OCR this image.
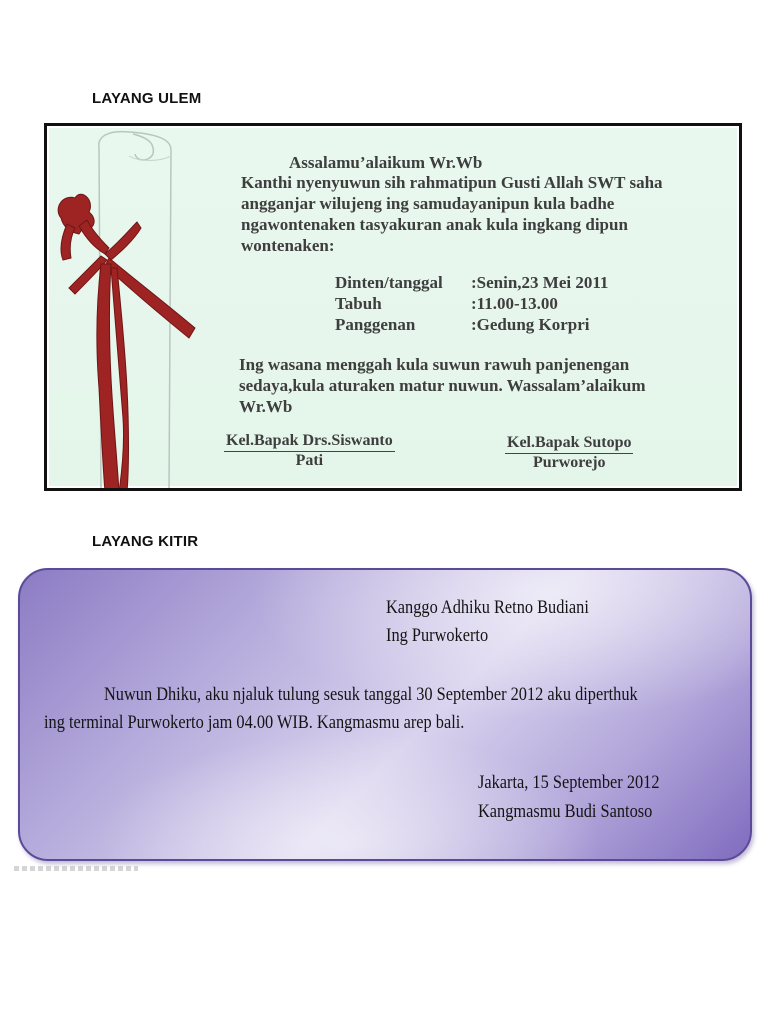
LAYANG ULEM
Assalamu’alaikum Wr.Wb
Kanthi nyenyuwun sih rahmatipun Gusti Allah SWT saha angganjar wilujeng ing samudayanipun kula badhe ngawontenaken tasyakuran anak kula ingkang dipun wontenaken:
Dinten/tanggal :Senin,23 Mei 2011
Tabuh	:11.00-13.00
Panggenan	:Gedung Korpri
Ing wasana menggah kula suwun rawuh panjenengan sedaya,kula aturaken matur nuwun. Wassalam’alaikum Wr.Wb
Kel.Bapak Drs.Siswanto
Pati
Kel.Bapak Sutopo
Purworejo
LAYANG KITIR
Kanggo Adhiku Retno Budiani
Ing Purwokerto
Nuwun Dhiku, aku njaluk tulung sesuk tanggal 30 September 2012 aku diperthuk
ing terminal Purwokerto jam 04.00 WIB. Kangmasmu arep bali.
Jakarta, 15 September 2012
Kangmasmu Budi Santoso
